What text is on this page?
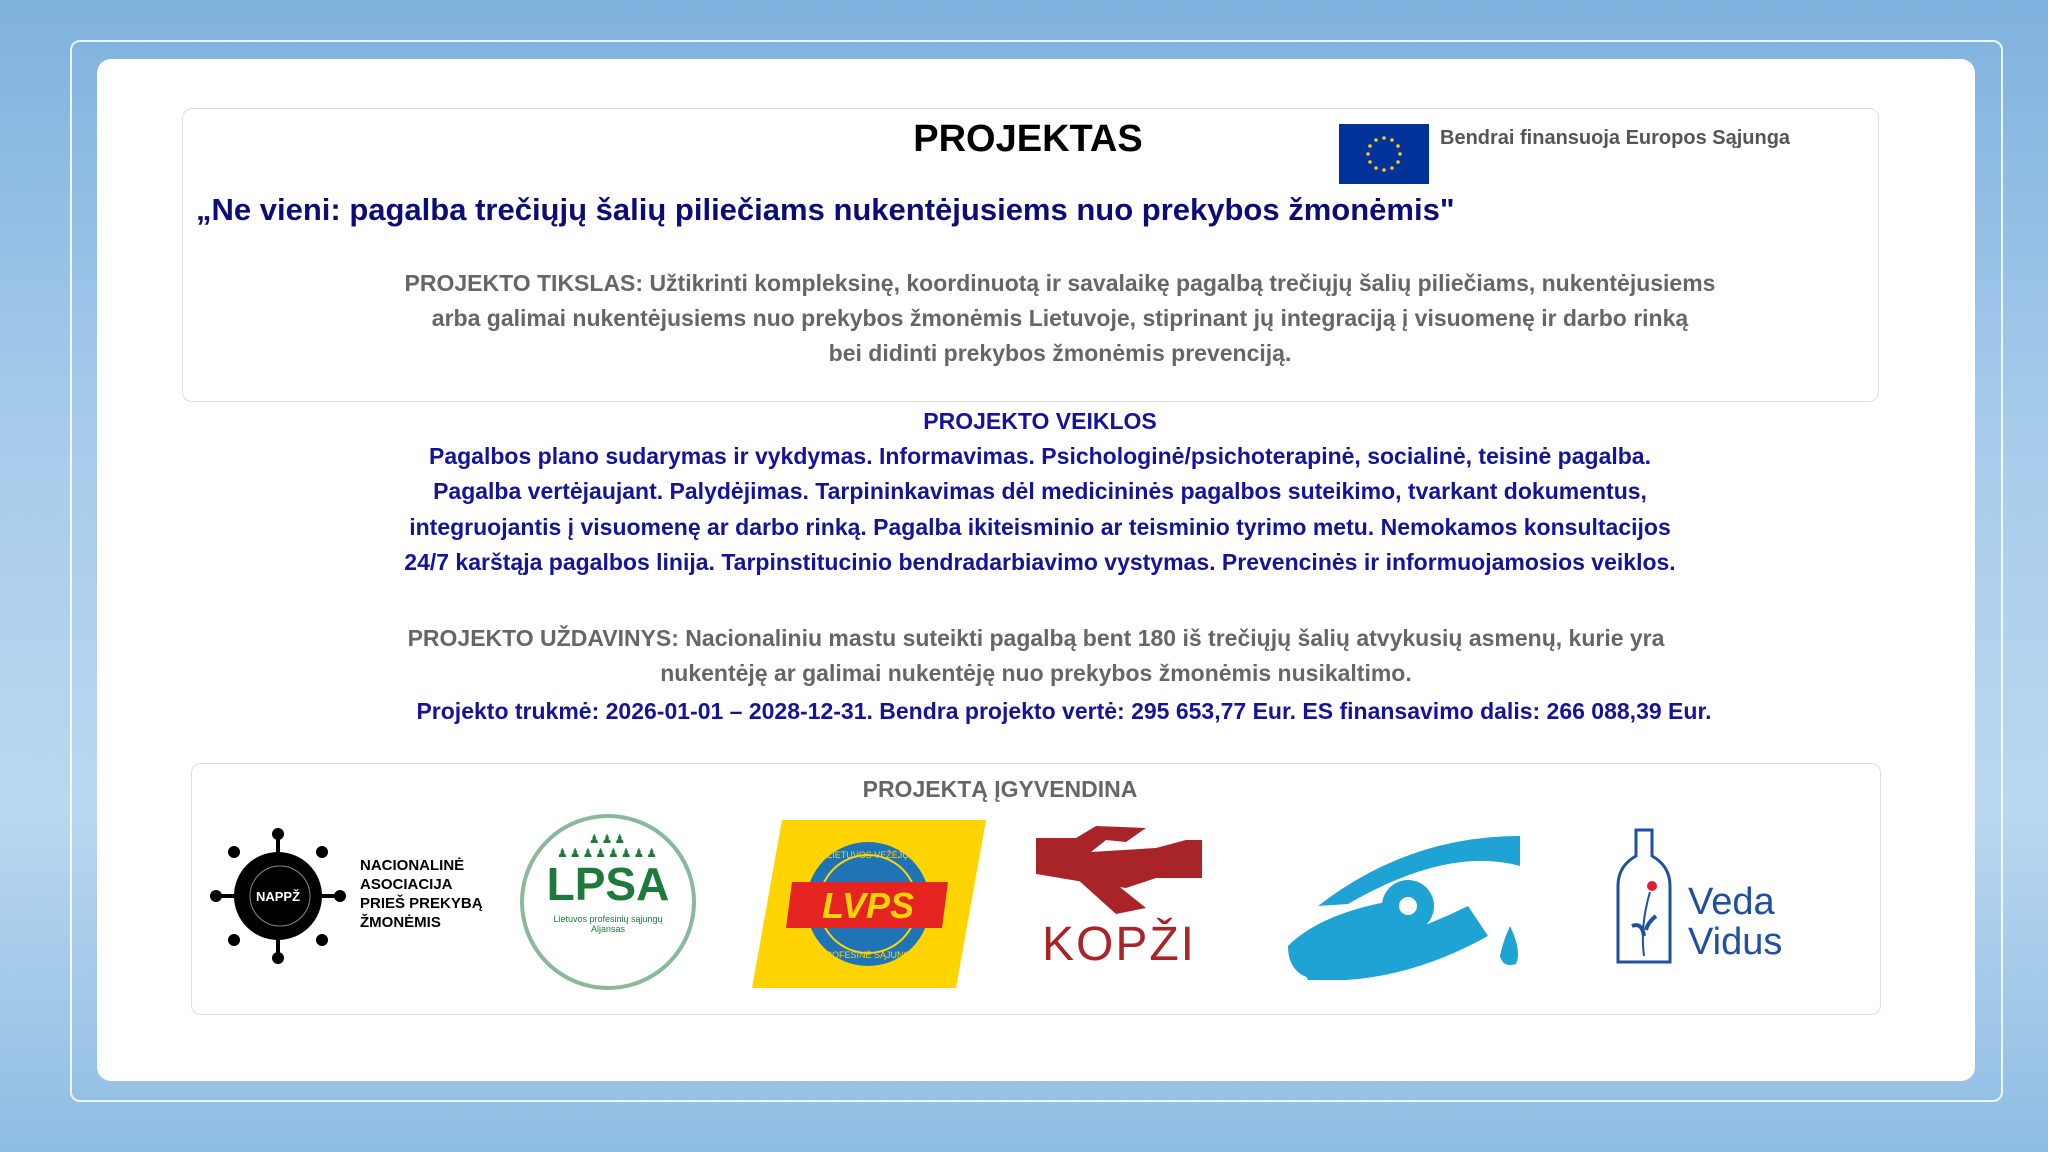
PROJEKTAS	Bendrai finansuoja Europos Sąjunga
„Ne vieni: pagalba trečiųjų šalių piliečiams nukentėjusiems nuo prekybos žmonėmis"
PROJEKTO TIKSLAS: Užtikrinti kompleksinę, koordinuotą ir savalaikę pagalbą trečiųjų šalių piliečiams, nukentėjusiems
arba galimai nukentėjusiems nuo prekybos žmonėmis Lietuvoje, stiprinant jų integraciją į visuomenę ir darbo rinką
bei didinti prekybos žmonėmis prevenciją.
PROJEKTO VEIKLOS
Pagalbos plano sudarymas ir vykdymas. Informavimas. Psichologinė/psichoterapinė, socialinė, teisinė pagalba.
Pagalba vertėjaujant. Palydėjimas. Tarpininkavimas dėl medicininės pagalbos suteikimo, tvarkant dokumentus,
integruojantis į visuomenę ar darbo rinką. Pagalba ikiteisminio ar teisminio tyrimo metu. Nemokamos konsultacijos
24/7 karštąja pagalbos linija. Tarpinstitucinio bendradarbiavimo vystymas. Prevencinės ir informuojamosios veiklos.
PROJEKTO UŽDAVINYS: Nacionaliniu mastu suteikti pagalbą bent 180 iš trečiųjų šalių atvykusių asmenų, kurie yra
nukentėję ar galimai nukentėję nuo prekybos žmonėmis nusikaltimo.
Projekto trukmė: 2026-01-01 – 2028-12-31. Bendra projekto vertė: 295 653,77 Eur. ES finansavimo dalis: 266 088,39 Eur.
PROJEKTĄ ĮGYVENDINA
NAPPŽ
NACIONALINĖ
ASOCIACIJA
PRIEŠ PREKYBĄ
ŽMONĖMIS
♟♟♟
♟♟♟♟♟♟♟♟
LPSA
Lietuvos profesinių sąjungų
Aljansas
LVPS
LIETUVOS VEŽĖJŲ
PROFESINĖ SĄJUNGA	KOPŽI
Veda
Vidus
